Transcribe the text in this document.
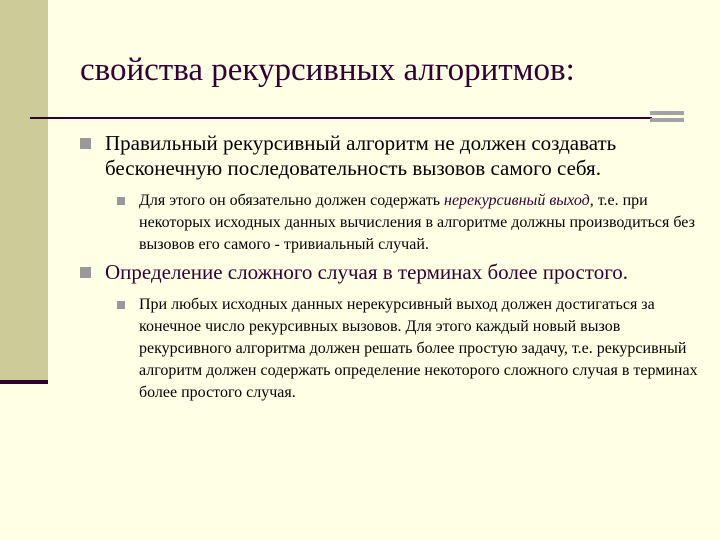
свойства рекурсивных алгоритмов:
Правильный рекурсивный алгоритм не должен создавать бесконечную последовательность вызовов самого себя.
Для этого он обязательно должен содержать нерекурсивный выход, т.е. при некоторых исходных данных вычисления в алгоритме должны производиться без вызовов его самого - тривиальный случай.
Определение сложного случая в терминах более простого.
При любых исходных данных нерекурсивный выход должен достигаться за конечное число рекурсивных вызовов. Для этого каждый новый вызов рекурсивного алгоритма должен решать более простую задачу, т.е. рекурсивный алгоритм должен содержать определение некоторого сложного случая в терминах более простого случая.
